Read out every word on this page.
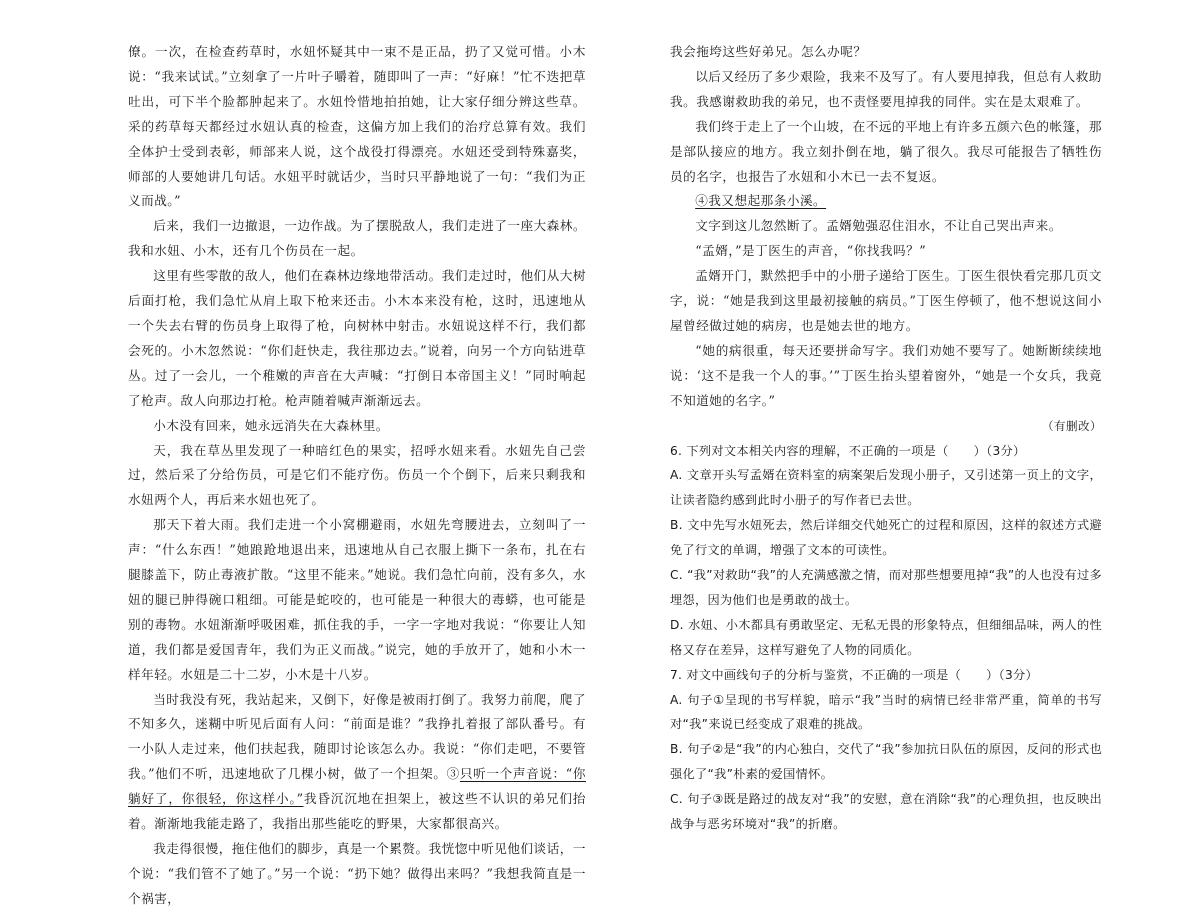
僚。一次，在检查药草时，水妞怀疑其中一束不是正品，扔了又觉可惜。小木说：“我来试试。”立刻拿了一片叶子嚼着，随即叫了一声：“好麻！”忙不迭把草吐出，可下半个脸都肿起来了。水妞怜惜地拍拍她，让大家仔细分辨这些草。采的药草每天都经过水妞认真的检查，这偏方加上我们的治疗总算有效。我们全体护士受到表彰，师部来人说，这个战役打得漂亮。水妞还受到特殊嘉奖，师部的人要她讲几句话。水妞平时就话少，当时只平静地说了一句：“我们为正义而战。”

后来，我们一边撤退，一边作战。为了摆脱敌人，我们走进了一座大森林。我和水妞、小木，还有几个伤员在一起。

这里有些零散的敌人，他们在森林边缘地带活动。我们走过时，他们从大树后面打枪，我们急忙从肩上取下枪来还击。小木本来没有枪，这时，迅速地从一个失去右臂的伤员身上取得了枪，向树林中射击。水妞说这样不行，我们都会死的。小木忽然说：“你们赶快走，我往那边去。”说着，向另一个方向钻进草丛。过了一会儿，一个稚嫩的声音在大声喊：“打倒日本帝国主义！”同时响起了枪声。敌人向那边打枪。枪声随着喊声渐渐远去。

小木没有回来，她永远消失在大森林里。

天，我在草丛里发现了一种暗红色的果实，招呼水妞来看。水妞先自己尝过，然后采了分给伤员，可是它们不能疗伤。伤员一个个倒下，后来只剩我和水妞两个人，再后来水妞也死了。

那天下着大雨。我们走进一个小窝棚避雨，水妞先弯腰进去，立刻叫了一声：“什么东西！”她踉跄地退出来，迅速地从自己衣服上撕下一条布，扎在右腿膝盖下，防止毒液扩散。“这里不能来。”她说。我们急忙向前，没有多久，水妞的腿已肿得碗口粗细。可能是蛇咬的，也可能是一种很大的毒蟒，也可能是别的毒物。水妞渐渐呼吸困难，抓住我的手，一字一字地对我说：“你要让人知道，我们都是爱国青年，我们为正义而战。”说完，她的手放开了，她和小木一样年轻。水妞是二十二岁，小木是十八岁。

当时我没有死，我站起来，又倒下，好像是被雨打倒了。我努力前爬，爬了不知多久，迷糊中听见后面有人问：“前面是谁？”我挣扎着报了部队番号。有一小队人走过来，他们扶起我，随即讨论该怎么办。我说：“你们走吧，不要管我。”他们不听，迅速地砍了几棵小树，做了一个担架。③只听一个声音说：“你躺好了，你很轻，你这样小。”我昏沉沉地在担架上，被这些不认识的弟兄们抬着。渐渐地我能走路了，我指出那些能吃的野果，大家都很高兴。

我走得很慢，拖住他们的脚步，真是一个累赘。我恍惚中听见他们谈话，一个说：“我们管不了她了。”另一个说：“扔下她？做得出来吗？”我想我简直是一个祸害，

我会拖垮这些好弟兄。怎么办呢？

以后又经历了多少艰险，我来不及写了。有人要甩掉我，但总有人救助我。我感谢救助我的弟兄，也不责怪要甩掉我的同伴。实在是太艰难了。

我们终于走上了一个山坡，在不远的平地上有许多五颜六色的帐篷，那是部队接应的地方。我立刻扑倒在地，躺了很久。我尽可能报告了牺牲伤员的名字，也报告了水妞和小木已一去不复返。

④我又想起那条小溪。

文字到这儿忽然断了。孟婿勉强忍住泪水，不让自己哭出声来。

“孟婿，”是丁医生的声音，“你找我吗？”

孟婿开门，默然把手中的小册子递给丁医生。丁医生很快看完那几页文字，说：“她是我到这里最初接触的病员。”丁医生停顿了，他不想说这间小屋曾经做过她的病房，也是她去世的地方。

“她的病很重，每天还要拼命写字。我们劝她不要写了。她断断续续地说：‘这不是我一个人的事。’”丁医生抬头望着窗外，“她是一个女兵，我竟不知道她的名字。”

（有删改）

6. 下列对文本相关内容的理解，不正确的一项是（　　）（3分）

A. 文章开头写孟婿在资料室的病案架后发现小册子，又引述第一页上的文字，让读者隐约感到此时小册子的写作者已去世。

B. 文中先写水妞死去，然后详细交代她死亡的过程和原因，这样的叙述方式避免了行文的单调，增强了文本的可读性。

C. “我”对救助“我”的人充满感激之情，而对那些想要甩掉“我”的人也没有过多埋怨，因为他们也是勇敢的战士。

D. 水妞、小木都具有勇敢坚定、无私无畏的形象特点，但细细品味，两人的性格又存在差异，这样写避免了人物的同质化。

7. 对文中画线句子的分析与鉴赏，不正确的一项是（　　）（3分）

A. 句子①呈现的书写样貌，暗示“我”当时的病情已经非常严重，简单的书写对“我”来说已经变成了艰难的挑战。

B. 句子②是“我”的内心独白，交代了“我”参加抗日队伍的原因，反问的形式也强化了“我”朴素的爱国情怀。

C. 句子③既是路过的战友对“我”的安慰，意在消除“我”的心理负担，也反映出战争与恶劣环境对“我”的折磨。
